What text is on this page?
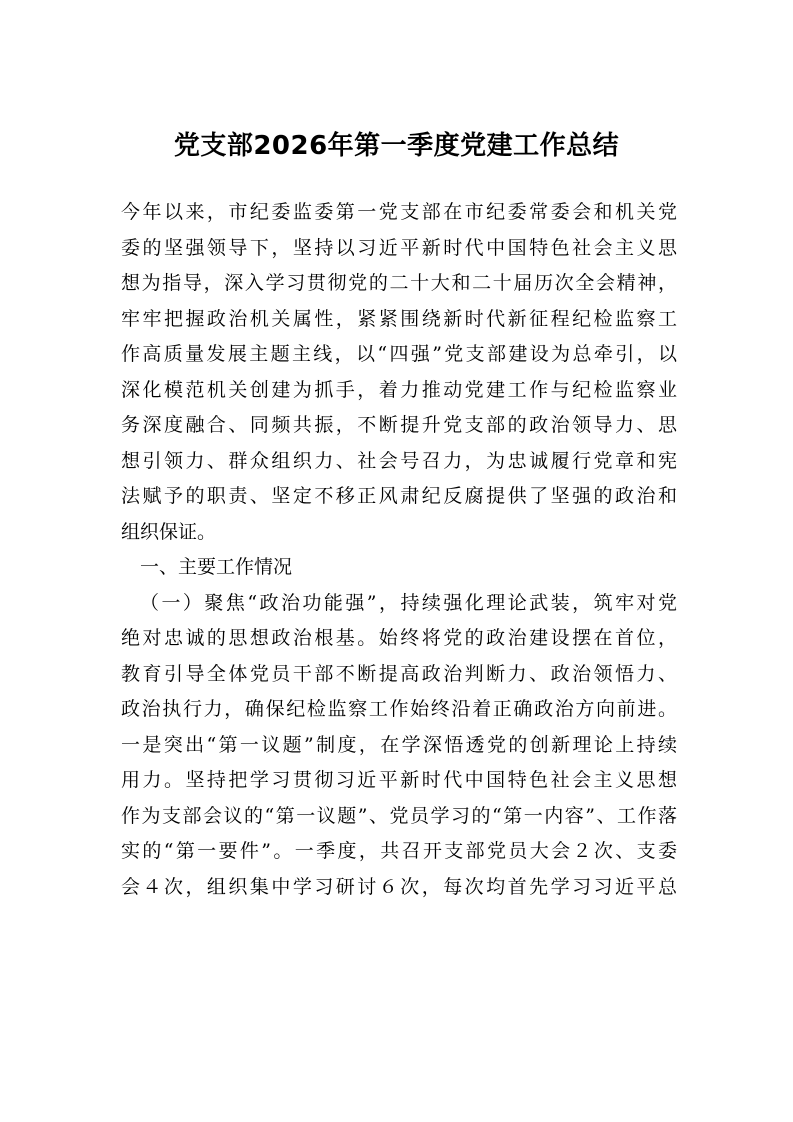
党支部2026年第一季度党建工作总结
今年以来，市纪委监委第一党支部在市纪委常委会和机关党
委的坚强领导下，坚持以习近平新时代中国特色社会主义思
想为指导，深入学习贯彻党的二十大和二十届历次全会精神，
牢牢把握政治机关属性，紧紧围绕新时代新征程纪检监察工
作高质量发展主题主线，以“四强”党支部建设为总牵引，以
深化模范机关创建为抓手，着力推动党建工作与纪检监察业
务深度融合、同频共振，不断提升党支部的政治领导力、思
想引领力、群众组织力、社会号召力，为忠诚履行党章和宪
法赋予的职责、坚定不移正风肃纪反腐提供了坚强的政治和
组织保证。
一、主要工作情况
（一）聚焦“政治功能强”，持续强化理论武装，筑牢对党
绝对忠诚的思想政治根基。始终将党的政治建设摆在首位，
教育引导全体党员干部不断提高政治判断力、政治领悟力、
政治执行力，确保纪检监察工作始终沿着正确政治方向前进。
一是突出“第一议题”制度，在学深悟透党的创新理论上持续
用力。坚持把学习贯彻习近平新时代中国特色社会主义思想
作为支部会议的“第一议题”、党员学习的“第一内容”、工作落
实的“第一要件”。一季度，共召开支部党员大会２次、支委
会４次，组织集中学习研讨６次，每次均首先学习习近平总
